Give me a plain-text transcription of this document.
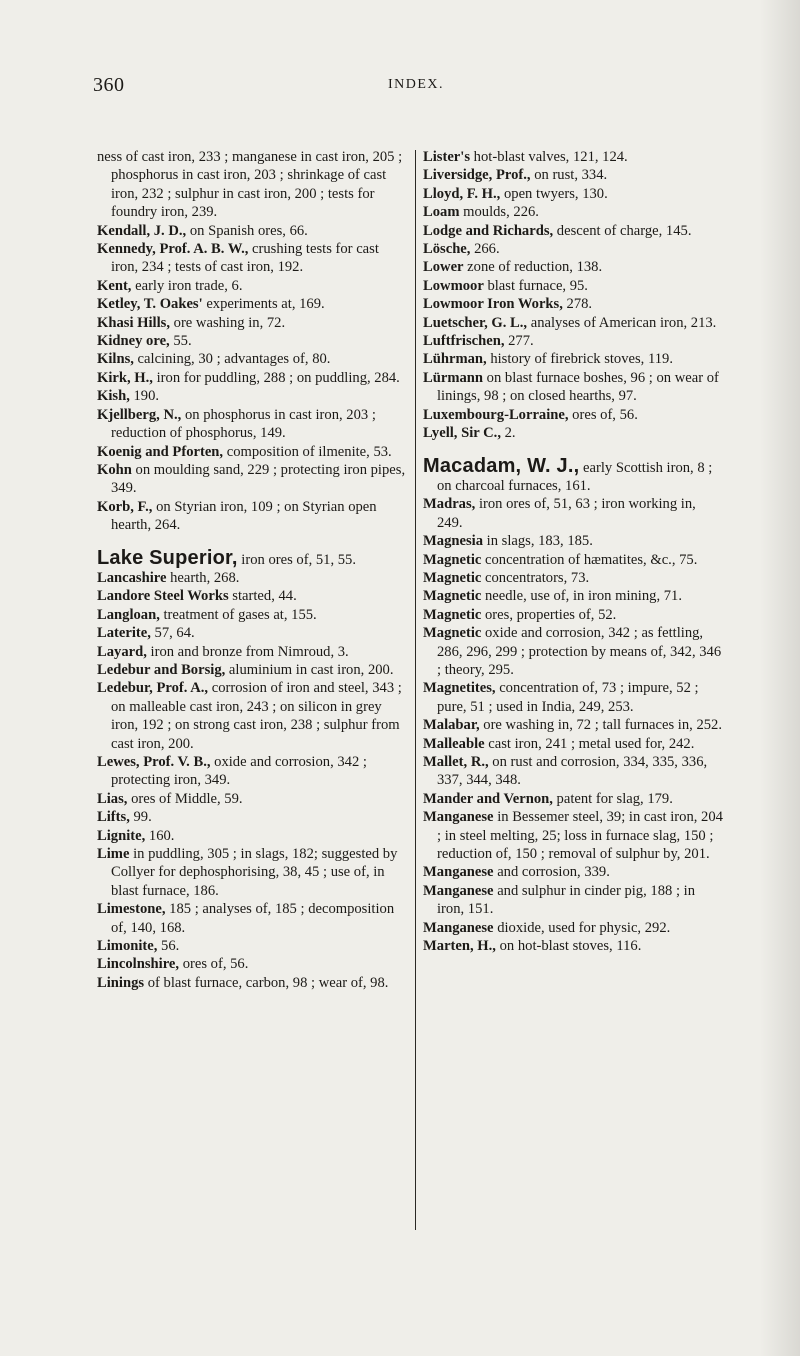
360	INDEX.

ness of cast iron, 233 ; manganese in cast iron, 205 ; phosphorus in cast iron, 203 ; shrinkage of cast iron, 232 ; sulphur in cast iron, 200 ; tests for foundry iron, 239.

Kendall, J. D., on Spanish ores, 66.

Kennedy, Prof. A. B. W., crushing tests for cast iron, 234 ; tests of cast iron, 192.

Kent, early iron trade, 6.

Ketley, T. Oakes' experiments at, 169.

Khasi Hills, ore washing in, 72.

Kidney ore, 55.

Kilns, calcining, 30 ; advantages of, 80.

Kirk, H., iron for puddling, 288 ; on puddling, 284.

Kish, 190.

Kjellberg, N., on phosphorus in cast iron, 203 ; reduction of phosphorus, 149.

Koenig and Pforten, composition of ilmenite, 53.

Kohn on moulding sand, 229 ; protecting iron pipes, 349.

Korb, F., on Styrian iron, 109 ; on Styrian open hearth, 264.

Lake Superior, iron ores of, 51, 55.

Lancashire hearth, 268.

Landore Steel Works started, 44.

Langloan, treatment of gases at, 155.

Laterite, 57, 64.

Layard, iron and bronze from Nimroud, 3.

Ledebur and Borsig, aluminium in cast iron, 200.

Ledebur, Prof. A., corrosion of iron and steel, 343 ; on malleable cast iron, 243 ; on silicon in grey iron, 192 ; on strong cast iron, 238 ; sulphur from cast iron, 200.

Lewes, Prof. V. B., oxide and corrosion, 342 ; protecting iron, 349.

Lias, ores of Middle, 59.

Lifts, 99.

Lignite, 160.

Lime in puddling, 305 ; in slags, 182; suggested by Collyer for dephosphorising, 38, 45 ; use of, in blast furnace, 186.

Limestone, 185 ; analyses of, 185 ; decomposition of, 140, 168.

Limonite, 56.

Lincolnshire, ores of, 56.

Linings of blast furnace, carbon, 98 ; wear of, 98.

Lister's hot-blast valves, 121, 124.

Liversidge, Prof., on rust, 334.

Lloyd, F. H., open twyers, 130.

Loam moulds, 226.

Lodge and Richards, descent of charge, 145.

Lösche, 266.

Lower zone of reduction, 138.

Lowmoor blast furnace, 95.

Lowmoor Iron Works, 278.

Luetscher, G. L., analyses of American iron, 213.

Luftfrischen, 277.

Lührman, history of firebrick stoves, 119.

Lürmann on blast furnace boshes, 96 ; on wear of linings, 98 ; on closed hearths, 97.

Luxembourg-Lorraine, ores of, 56.

Lyell, Sir C., 2.

Macadam, W. J., early Scottish iron, 8 ; on charcoal furnaces, 161.

Madras, iron ores of, 51, 63 ; iron working in, 249.

Magnesia in slags, 183, 185.

Magnetic concentration of hæmatites, &c., 75.

Magnetic concentrators, 73.

Magnetic needle, use of, in iron mining, 71.

Magnetic ores, properties of, 52.

Magnetic oxide and corrosion, 342 ; as fettling, 286, 296, 299 ; protection by means of, 342, 346 ; theory, 295.

Magnetites, concentration of, 73 ; impure, 52 ; pure, 51 ; used in India, 249, 253.

Malabar, ore washing in, 72 ; tall furnaces in, 252.

Malleable cast iron, 241 ; metal used for, 242.

Mallet, R., on rust and corrosion, 334, 335, 336, 337, 344, 348.

Mander and Vernon, patent for slag, 179.

Manganese in Bessemer steel, 39; in cast iron, 204 ; in steel melting, 25; loss in furnace slag, 150 ; reduction of, 150 ; removal of sulphur by, 201.

Manganese and corrosion, 339.

Manganese and sulphur in cinder pig, 188 ; in iron, 151.

Manganese dioxide, used for physic, 292.

Marten, H., on hot-blast stoves, 116.
